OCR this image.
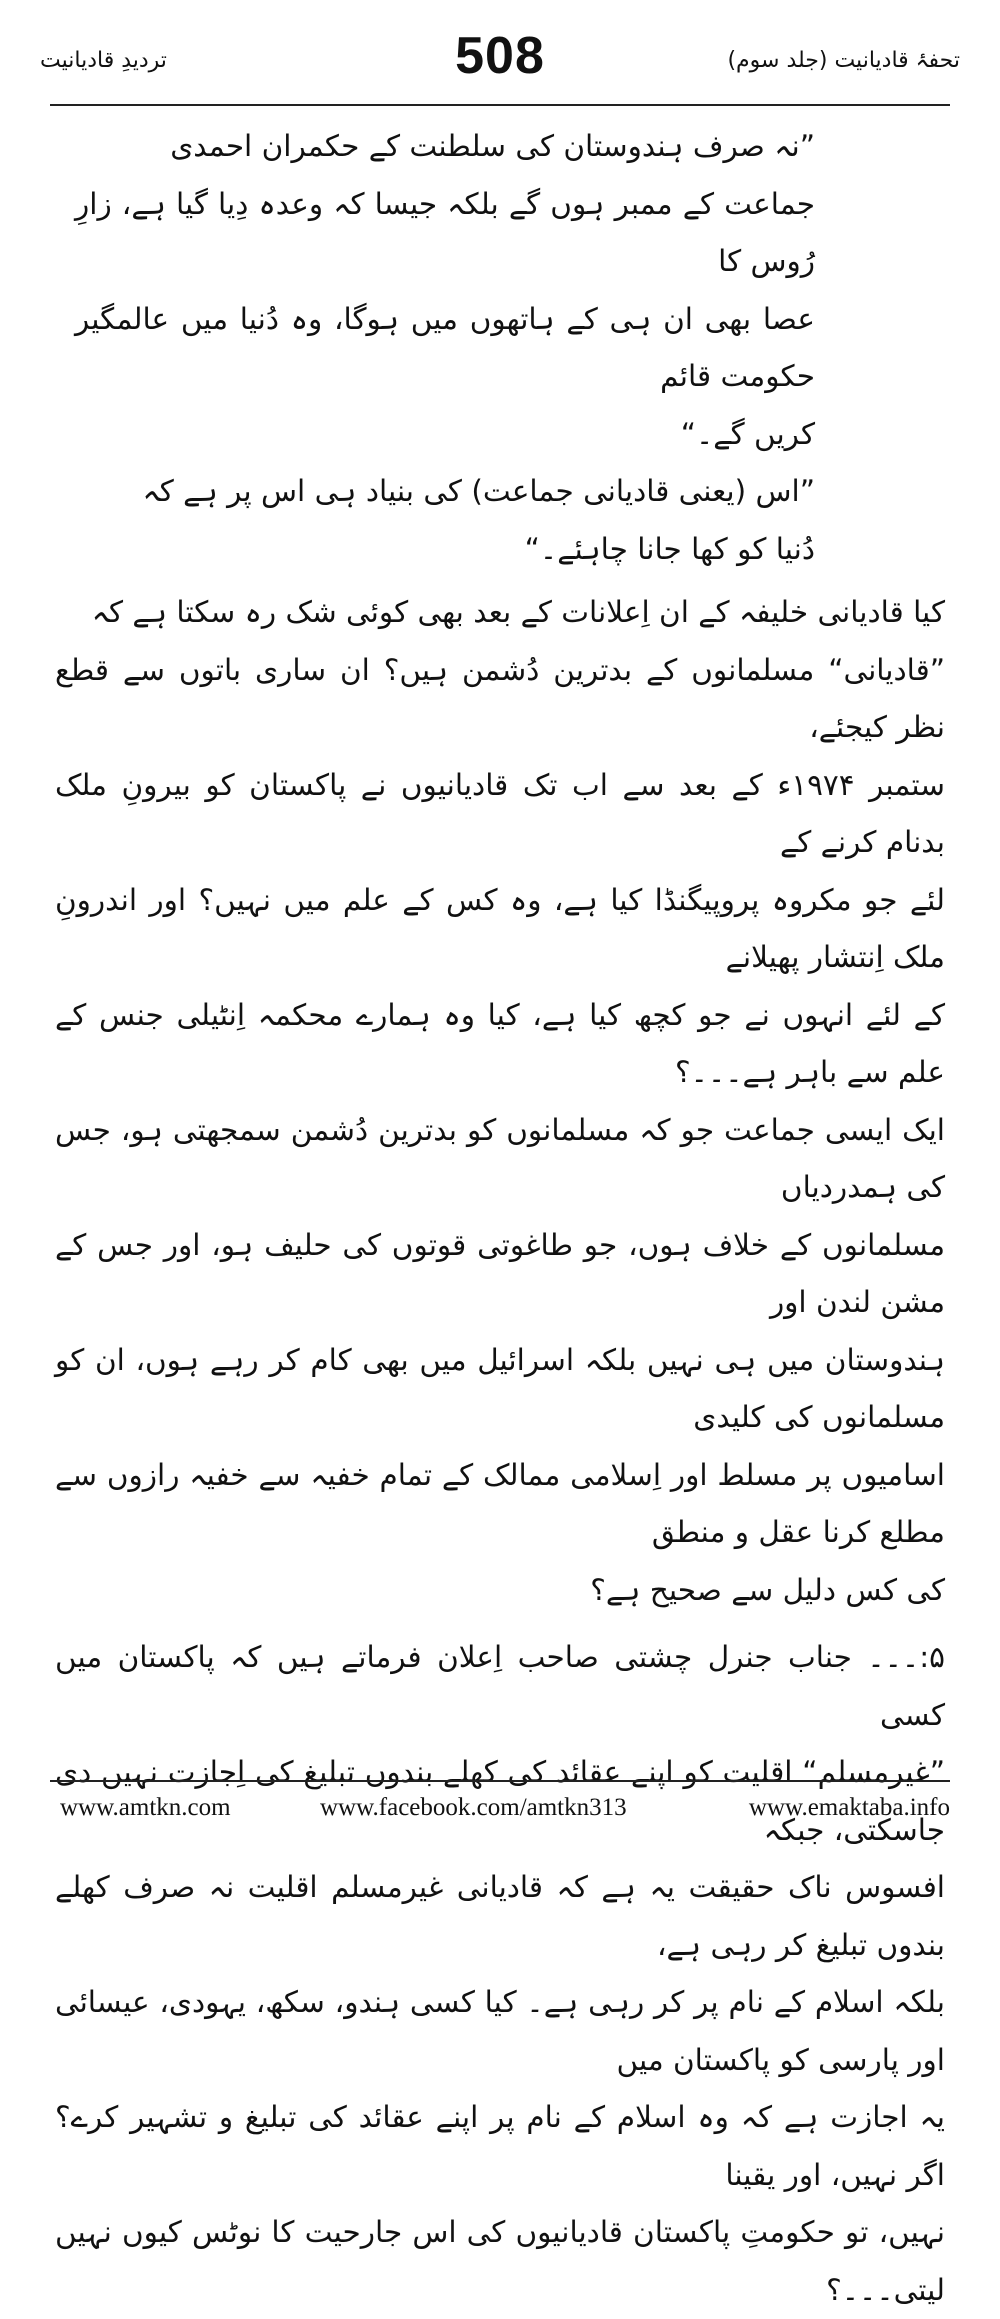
تردیدِ قادیانیت	508	تحفۂ قادیانیت (جلد سوم)

”نہ صرف ہندوستان کی سلطنت کے حکمران احمدی

جماعت کے ممبر ہوں گے بلکہ جیسا کہ وعدہ دِیا گیا ہے، زارِ رُوس کا

عصا بھی ان ہی کے ہاتھوں میں ہوگا، وہ دُنیا میں عالمگیر حکومت قائم

کریں گے۔“

”اس (یعنی قادیانی جماعت) کی بنیاد ہی اس پر ہے کہ

دُنیا کو کھا جانا چاہئے۔“

کیا قادیانی خلیفہ کے ان اِعلانات کے بعد بھی کوئی شک رہ سکتا ہے کہ

”قادیانی“ مسلمانوں کے بدترین دُشمن ہیں؟ ان ساری باتوں سے قطع نظر کیجئے،

ستمبر ۱۹۷۴ء کے بعد سے اب تک قادیانیوں نے پاکستان کو بیرونِ ملک بدنام کرنے کے

لئے جو مکروہ پروپیگنڈا کیا ہے، وہ کس کے علم میں نہیں؟ اور اندرونِ ملک اِنتشار پھیلانے

کے لئے انہوں نے جو کچھ کیا ہے، کیا وہ ہمارے محکمہ اِنٹیلی جنس کے علم سے باہر ہے۔۔۔؟

ایک ایسی جماعت جو کہ مسلمانوں کو بدترین دُشمن سمجھتی ہو، جس کی ہمدردیاں

مسلمانوں کے خلاف ہوں، جو طاغوتی قوتوں کی حلیف ہو، اور جس کے مشن لندن اور

ہندوستان میں ہی نہیں بلکہ اسرائیل میں بھی کام کر رہے ہوں، ان کو مسلمانوں کی کلیدی

اسامیوں پر مسلط اور اِسلامی ممالک کے تمام خفیہ سے خفیہ رازوں سے مطلع کرنا عقل و منطق

کی کس دلیل سے صحیح ہے؟

۵:۔۔۔ جناب جنرل چشتی صاحب اِعلان فرماتے ہیں کہ پاکستان میں کسی

”غیرمسلم“ اقلیت کو اپنے عقائد کی کھلے بندوں تبلیغ کی اِجازت نہیں دی جاسکتی، جبکہ

افسوس ناک حقیقت یہ ہے کہ قادیانی غیرمسلم اقلیت نہ صرف کھلے بندوں تبلیغ کر رہی ہے،

بلکہ اسلام کے نام پر کر رہی ہے۔ کیا کسی ہندو، سکھ، یہودی، عیسائی اور پارسی کو پاکستان میں

یہ اجازت ہے کہ وہ اسلام کے نام پر اپنے عقائد کی تبلیغ و تشہیر کرے؟ اگر نہیں، اور یقینا

نہیں، تو حکومتِ پاکستان قادیانیوں کی اس جارحیت کا نوٹس کیوں نہیں لیتی۔۔۔؟

www.amtkn.com	www.facebook.com/amtkn313	www.emaktaba.info
